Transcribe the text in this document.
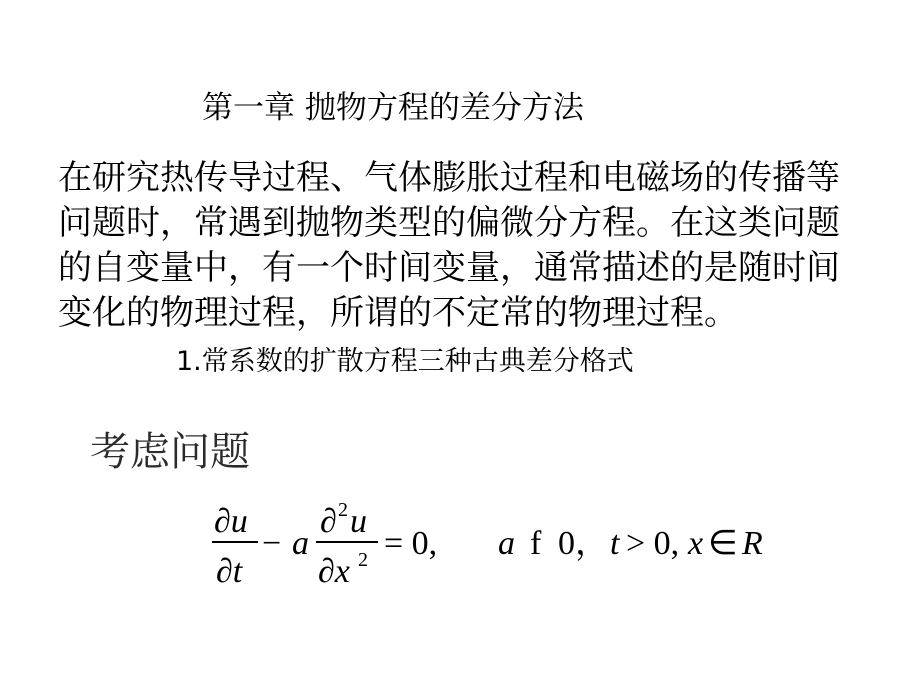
第一章 抛物方程的差分方法
在研究热传导过程、气体膨胀过程和电磁场的传播等
问题时，常遇到抛物类型的偏微分方程。在这类问题
的自变量中，有一个时间变量，通常描述的是随时间
变化的物理过程，所谓的不定常的物理过程。
1.常系数的扩散方程三种古典差分格式
考虑问题
∂u
∂t
− a
∂ 2 u
∂x 2 = 0, a f 0， t > 0, x ∈ R
